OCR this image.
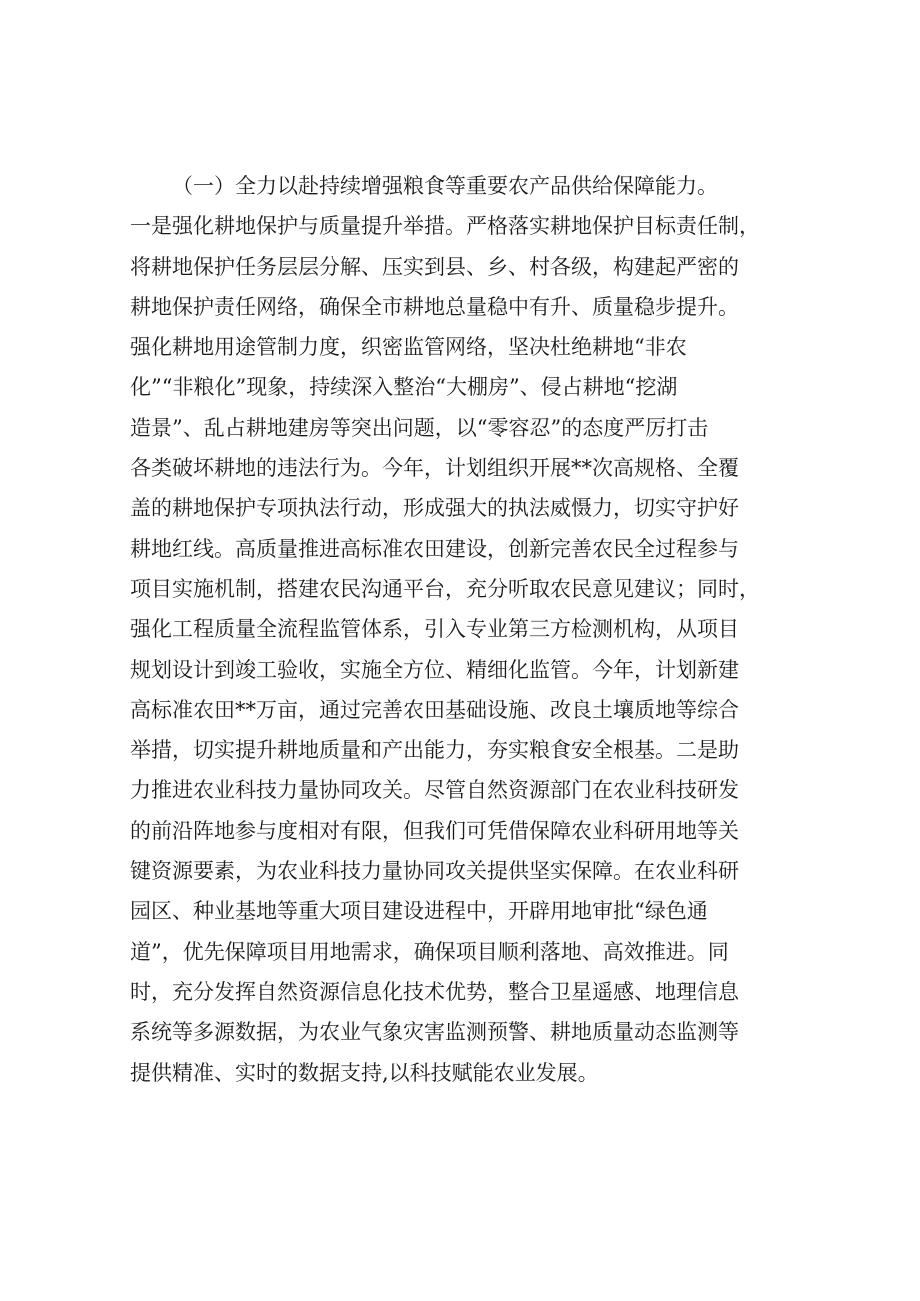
（一）全力以赴持续增强粮食等重要农产品供给保障能力。
一是强化耕地保护与质量提升举措。严格落实耕地保护目标责任制，
将耕地保护任务层层分解、压实到县、乡、村各级，构建起严密的
耕地保护责任网络，确保全市耕地总量稳中有升、质量稳步提升。
强化耕地用途管制力度，织密监管网络，坚决杜绝耕地“非农
化”“非粮化”现象，持续深入整治“大棚房”、侵占耕地“挖湖
造景”、乱占耕地建房等突出问题，以“零容忍”的态度严厉打击
各类破坏耕地的违法行为。今年，计划组织开展**次高规格、全覆
盖的耕地保护专项执法行动，形成强大的执法威慑力，切实守护好
耕地红线。高质量推进高标准农田建设，创新完善农民全过程参与
项目实施机制，搭建农民沟通平台，充分听取农民意见建议；同时，
强化工程质量全流程监管体系，引入专业第三方检测机构，从项目
规划设计到竣工验收，实施全方位、精细化监管。今年，计划新建
高标准农田**万亩，通过完善农田基础设施、改良土壤质地等综合
举措，切实提升耕地质量和产出能力，夯实粮食安全根基。二是助
力推进农业科技力量协同攻关。尽管自然资源部门在农业科技研发
的前沿阵地参与度相对有限，但我们可凭借保障农业科研用地等关
键资源要素，为农业科技力量协同攻关提供坚实保障。在农业科研
园区、种业基地等重大项目建设进程中，开辟用地审批“绿色通
道”，优先保障项目用地需求，确保项目顺利落地、高效推进。同
时，充分发挥自然资源信息化技术优势，整合卫星遥感、地理信息
系统等多源数据，为农业气象灾害监测预警、耕地质量动态监测等
提供精准、实时的数据支持,以科技赋能农业发展。
